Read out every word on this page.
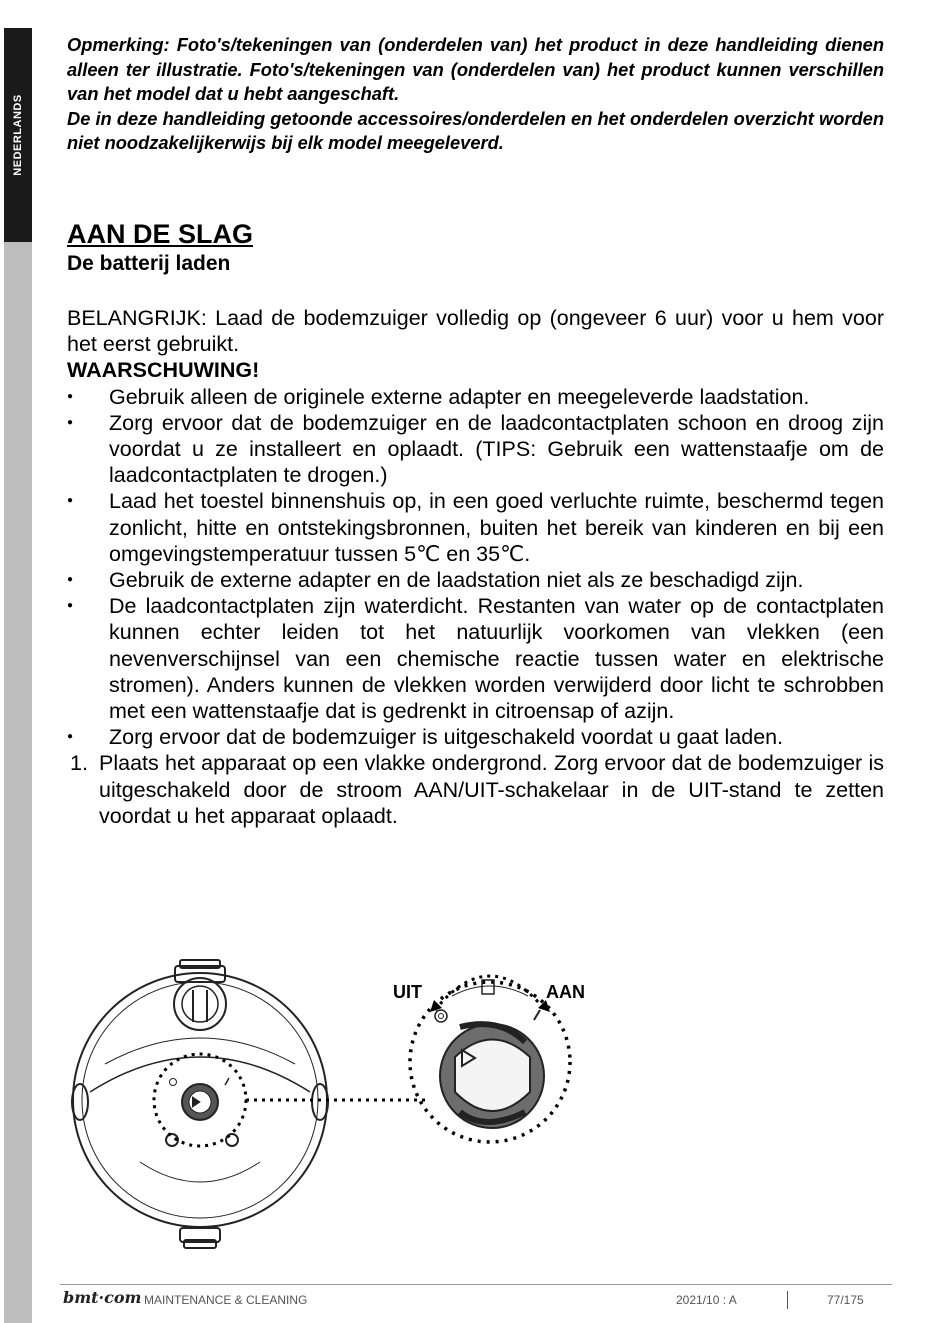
NEDERLANDS

Opmerking: Foto's/tekeningen van (onderdelen van) het product in deze handleiding dienen alleen ter illustratie. Foto's/tekeningen van (onderdelen van) het product kunnen verschillen van het model dat u hebt aangeschaft.

De in deze handleiding getoonde accessoires/onderdelen en het onderdelen overzicht worden niet noodzakelijkerwijs bij elk model meegeleverd.

AAN DE SLAG
De batterij laden

BELANGRIJK: Laad de bodemzuiger volledig op (ongeveer 6 uur) voor u hem voor het eerst gebruikt.

WAARSCHUWING!

● Gebruik alleen de originele externe adapter en meegeleverde laadstation.
● Zorg ervoor dat de bodemzuiger en de laadcontactplaten schoon en droog zijn voordat u ze installeert en oplaadt. (TIPS: Gebruik een wattenstaafje om de laadcontactplaten te drogen.)
● Laad het toestel binnenshuis op, in een goed verluchte ruimte, beschermd tegen zonlicht, hitte en ontstekingsbronnen, buiten het bereik van kinderen en bij een omgevingstemperatuur tussen 5℃ en 35℃.
● Gebruik de externe adapter en de laadstation niet als ze beschadigd zijn.
● De laadcontactplaten zijn waterdicht. Restanten van water op de contactplaten kunnen echter leiden tot het natuurlijk voorkomen van vlekken (een nevenverschijnsel van een chemische reactie tussen water en elektrische stromen). Anders kunnen de vlekken worden verwijderd door licht te schrobben met een wattenstaafje dat is gedrenkt in citroensap of azijn.
● Zorg ervoor dat de bodemzuiger is uitgeschakeld voordat u gaat laden.
1. Plaats het apparaat op een vlakke ondergrond. Zorg ervoor dat de bodemzuiger is uitgeschakeld door de stroom AAN/UIT-schakelaar in de UIT-stand te zetten voordat u het apparaat oplaadt.
UIT	AAN
bmt·com MAINTENANCE & CLEANING	2021/10 : A	77/175
